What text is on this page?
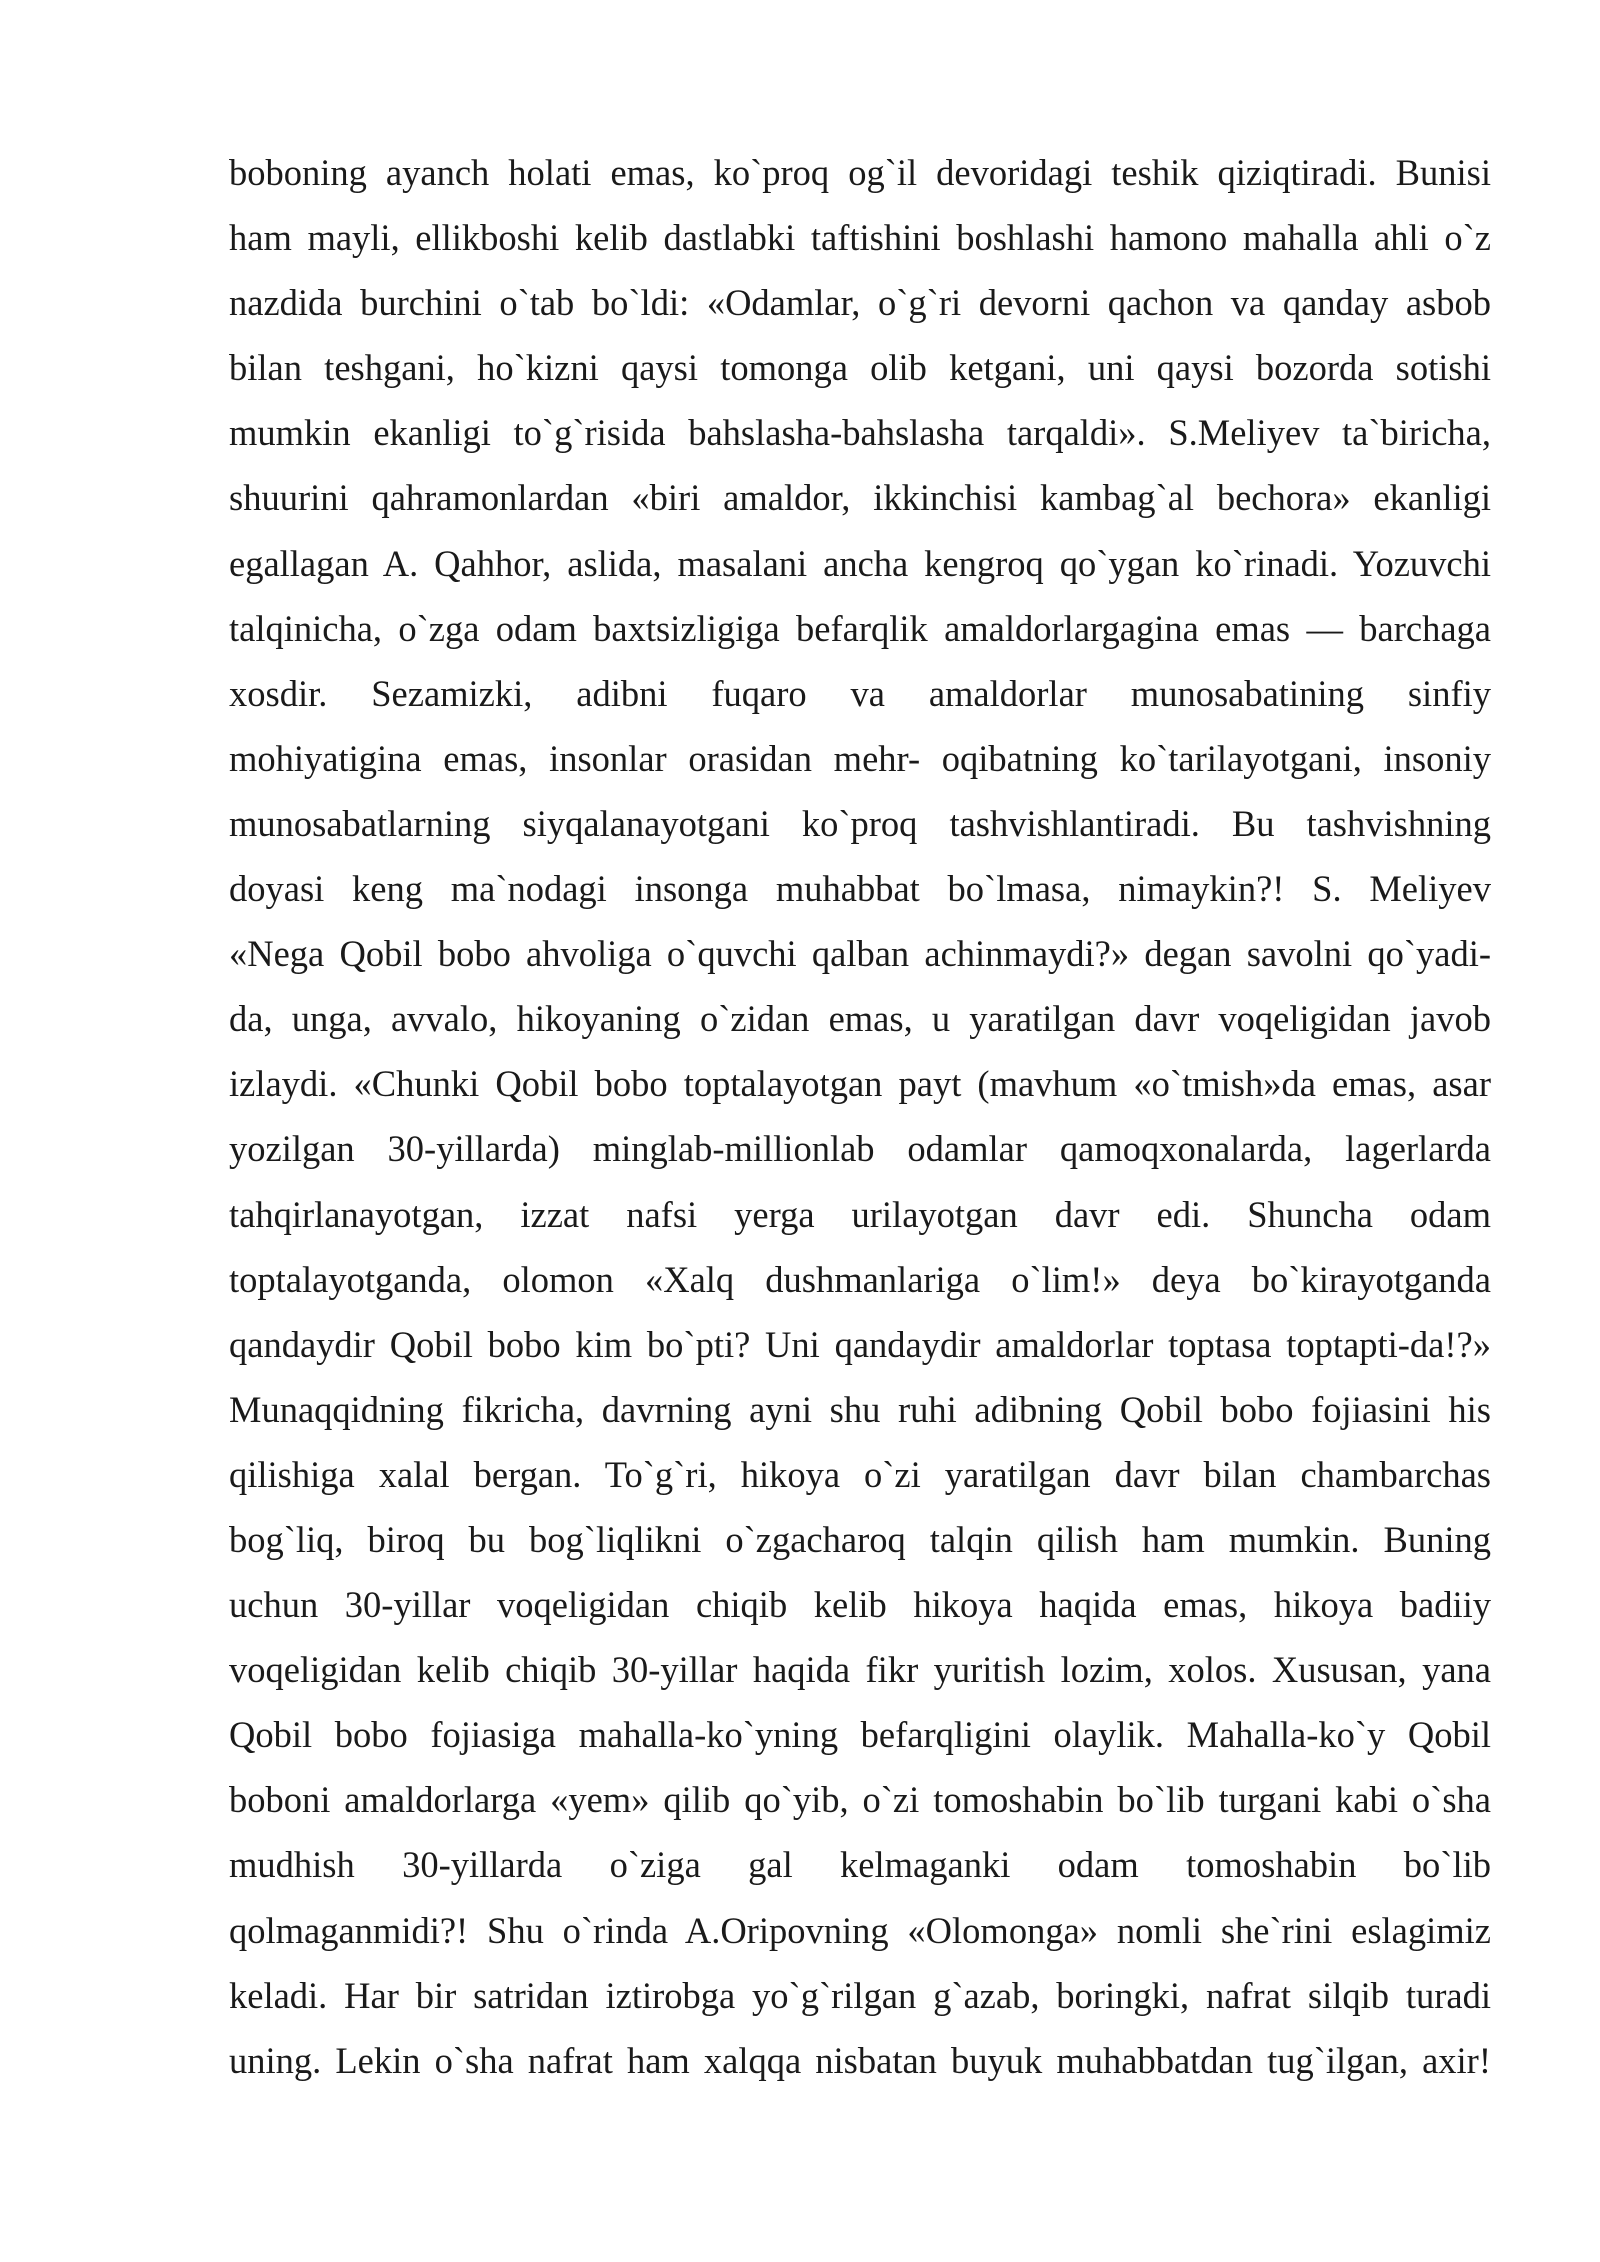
boboning ayanch holati emas, ko`proq og`il devoridagi teshik qiziqtiradi. Bunisi
ham mayli, ellikboshi kelib dastlabki taftishini boshlashi hamono mahalla ahli o`z
nazdida burchini o`tab bo`ldi: «Odamlar, o`g`ri devorni qachon va qanday asbob
bilan teshgani, ho`kizni qaysi tomonga olib ketgani, uni qaysi bozorda sotishi
mumkin ekanligi to`g`risida bahslasha-bahslasha tarqaldi». S.Meliyev ta`biricha,
shuurini qahramonlardan «biri amaldor, ikkinchisi kambag`al bechora» ekanligi
egallagan A. Qahhor, aslida, masalani ancha kengroq qo`ygan ko`rinadi. Yozuvchi
talqinicha, o`zga odam baxtsizligiga befarqlik amaldorlargagina emas — barchaga
xosdir. Sezamizki, adibni fuqaro va amaldorlar munosabatining sinfiy
mohiyatigina emas, insonlar orasidan mehr- oqibatning ko`tarilayotgani, insoniy
munosabatlarning siyqalanayotgani ko`proq tashvishlantiradi. Bu tashvishning
doyasi keng ma`nodagi insonga muhabbat bo`lmasa, nimaykin?! S. Meliyev
«Nega Qobil bobo ahvoliga o`quvchi qalban achinmaydi?» degan savolni qo`yadi-
da, unga, avvalo, hikoyaning o`zidan emas, u yaratilgan davr voqeligidan javob
izlaydi. «Chunki Qobil bobo toptalayotgan payt (mavhum «o`tmish»da emas, asar
yozilgan 30-yillarda) minglab-millionlab odamlar qamoqxonalarda, lagerlarda
tahqirlanayotgan, izzat nafsi yerga urilayotgan davr edi. Shuncha odam
toptalayotganda, olomon «Xalq dushmanlariga o`lim!» deya bo`kirayotganda
qandaydir Qobil bobo kim bo`pti? Uni qandaydir amaldorlar toptasa toptapti-da!?»
Munaqqidning fikricha, davrning ayni shu ruhi adibning Qobil bobo fojiasini his
qilishiga xalal bergan. To`g`ri, hikoya o`zi yaratilgan davr bilan chambarchas
bog`liq, biroq bu bog`liqlikni o`zgacharoq talqin qilish ham mumkin. Buning
uchun 30-yillar voqeligidan chiqib kelib hikoya haqida emas, hikoya badiiy
voqeligidan kelib chiqib 30-yillar haqida fikr yuritish lozim, xolos. Xususan, yana
Qobil bobo fojiasiga mahalla-ko`yning befarqligini olaylik. Mahalla-ko`y Qobil
boboni amaldorlarga «yem» qilib qo`yib, o`zi tomoshabin bo`lib turgani kabi o`sha
mudhish 30-yillarda o`ziga gal kelmaganki odam tomoshabin bo`lib
qolmaganmidi?! Shu o`rinda A.Oripovning «Olomonga» nomli she`rini eslagimiz
keladi. Har bir satridan iztirobga yo`g`rilgan g`azab, boringki, nafrat silqib turadi
uning. Lekin o`sha nafrat ham xalqqa nisbatan buyuk muhabbatdan tug`ilgan, axir!
